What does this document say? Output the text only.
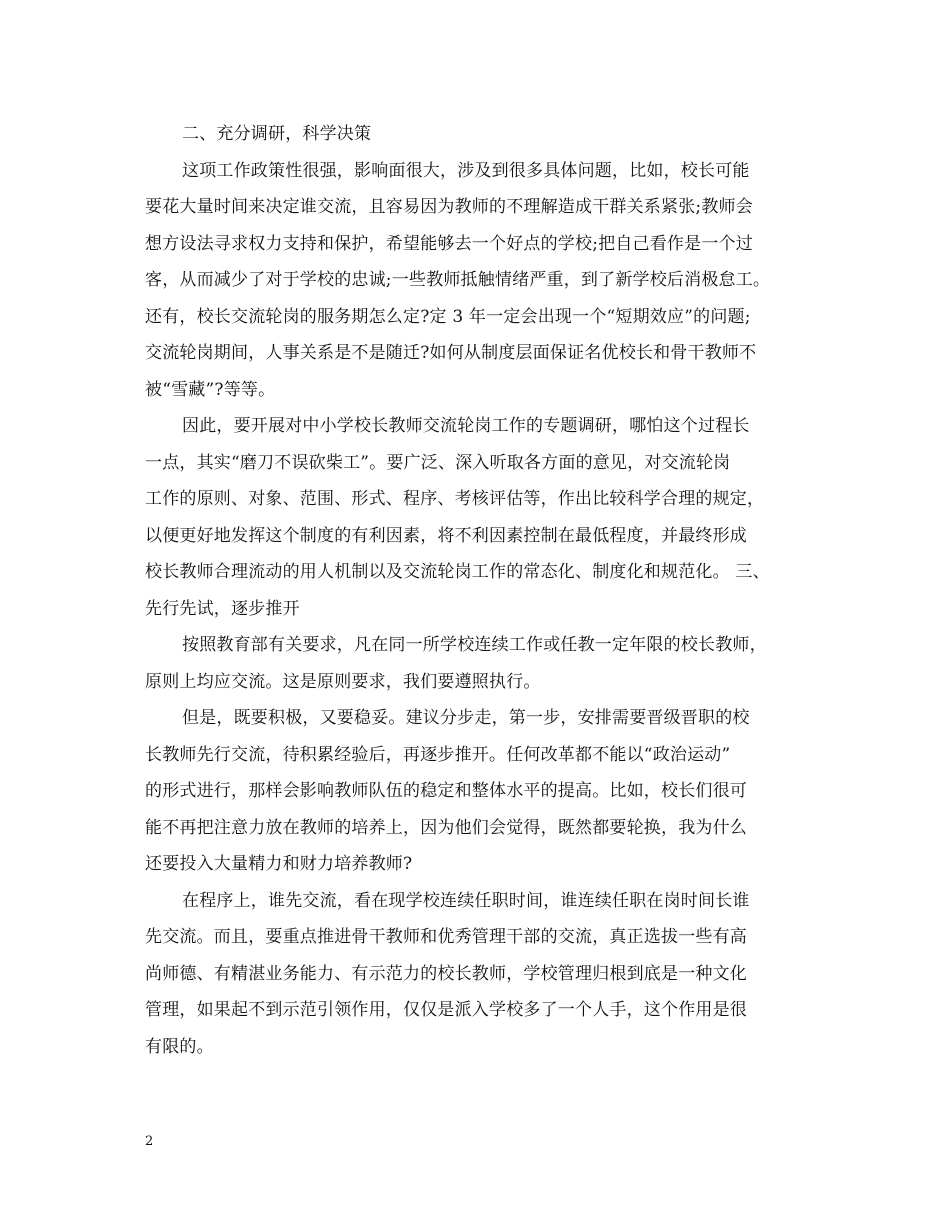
二、充分调研，科学决策
这项工作政策性很强，影响面很大，涉及到很多具体问题，比如，校长可能
要花大量时间来决定谁交流，且容易因为教师的不理解造成干群关系紧张;教师会
想方设法寻求权力支持和保护，希望能够去一个好点的学校;把自己看作是一个过
客，从而减少了对于学校的忠诚;一些教师抵触情绪严重，到了新学校后消极怠工。
还有，校长交流轮岗的服务期怎么定?定 3 年一定会出现一个“短期效应”的问题;
交流轮岗期间，人事关系是不是随迁?如何从制度层面保证名优校长和骨干教师不
被“雪藏”?等等。
因此，要开展对中小学校长教师交流轮岗工作的专题调研，哪怕这个过程长
一点，其实“磨刀不误砍柴工”。要广泛、深入听取各方面的意见，对交流轮岗
工作的原则、对象、范围、形式、程序、考核评估等，作出比较科学合理的规定，
以便更好地发挥这个制度的有利因素，将不利因素控制在最低程度，并最终形成
校长教师合理流动的用人机制以及交流轮岗工作的常态化、制度化和规范化。 三、
先行先试，逐步推开
按照教育部有关要求，凡在同一所学校连续工作或任教一定年限的校长教师，
原则上均应交流。这是原则要求，我们要遵照执行。
但是，既要积极，又要稳妥。建议分步走，第一步，安排需要晋级晋职的校
长教师先行交流，待积累经验后，再逐步推开。任何改革都不能以“政治运动”
的形式进行，那样会影响教师队伍的稳定和整体水平的提高。比如，校长们很可
能不再把注意力放在教师的培养上，因为他们会觉得，既然都要轮换，我为什么
还要投入大量精力和财力培养教师?
在程序上，谁先交流，看在现学校连续任职时间，谁连续任职在岗时间长谁
先交流。而且，要重点推进骨干教师和优秀管理干部的交流，真正选拔一些有高
尚师德、有精湛业务能力、有示范力的校长教师，学校管理归根到底是一种文化
管理，如果起不到示范引领作用，仅仅是派入学校多了一个人手，这个作用是很
有限的。
2
